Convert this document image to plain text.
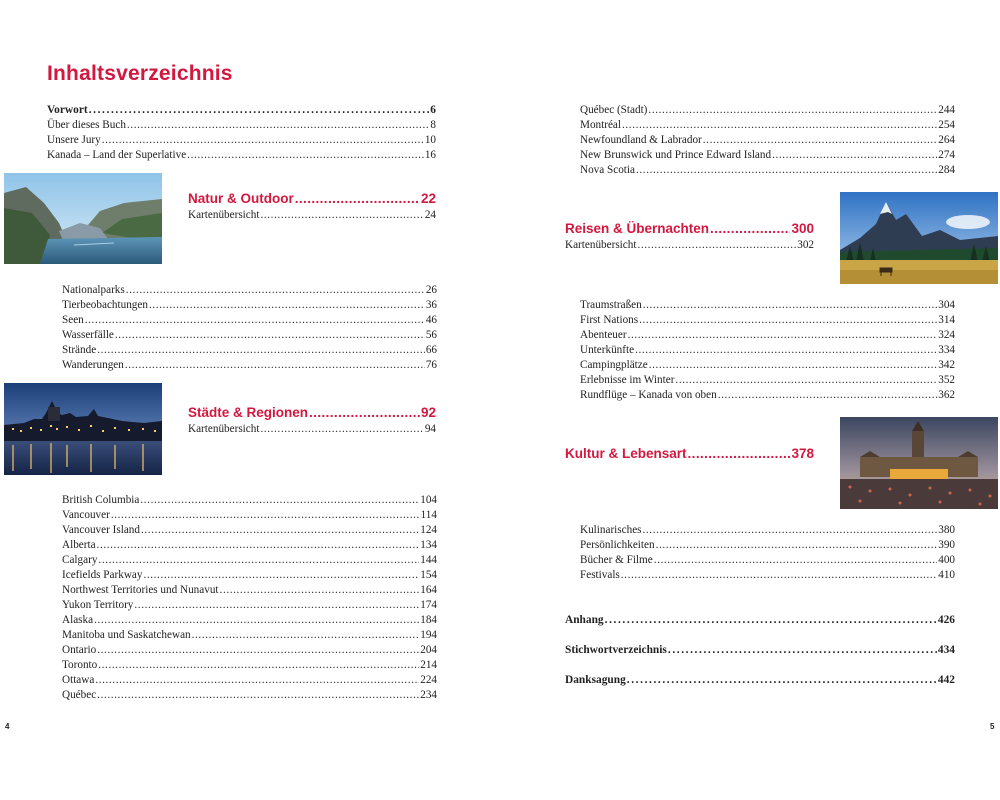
Inhaltsverzeichnis
Vorwort .....	6
Über dieses Buch .....	8
Unsere Jury .....	10
Kanada – Land der Superlative .....	16
Natur & Outdoor .....	22
Kartenübersicht .....	24
Nationalparks .....	26
Tierbeobachtungen .....	36
Seen .....	46
Wasserfälle .....	56
Strände .....	66
Wanderungen .....	76
Städte & Regionen .....	92
Kartenübersicht .....	94
British Columbia .....	104
Vancouver .....	114
Vancouver Island .....	124
Alberta .....	134
Calgary .....	144
Icefields Parkway .....	154
Northwest Territories und Nunavut .....	164
Yukon Territory .....	174
Alaska .....	184
Manitoba und Saskatchewan .....	194
Ontario .....	204
Toronto .....	214
Ottawa .....	224
Québec .....	234
4
Québec (Stadt) .....	244
Montréal .....	254
Newfoundland & Labrador .....	264
New Brunswick und Prince Edward Island .....	274
Nova Scotia .....	284
Reisen & Übernachten .....	300
Kartenübersicht .....	302
Traumstraßen .....	304
First Nations .....	314
Abenteuer .....	324
Unterkünfte .....	334
Campingplätze .....	342
Erlebnisse im Winter .....	352
Rundflüge – Kanada von oben .....	362
Kultur & Lebensart .....	378
Kulinarisches .....	380
Persönlichkeiten .....	390
Bücher & Filme .....	400
Festivals .....	410
Anhang .....	426
Stichwortverzeichnis .....	434
Danksagung .....	442
5
